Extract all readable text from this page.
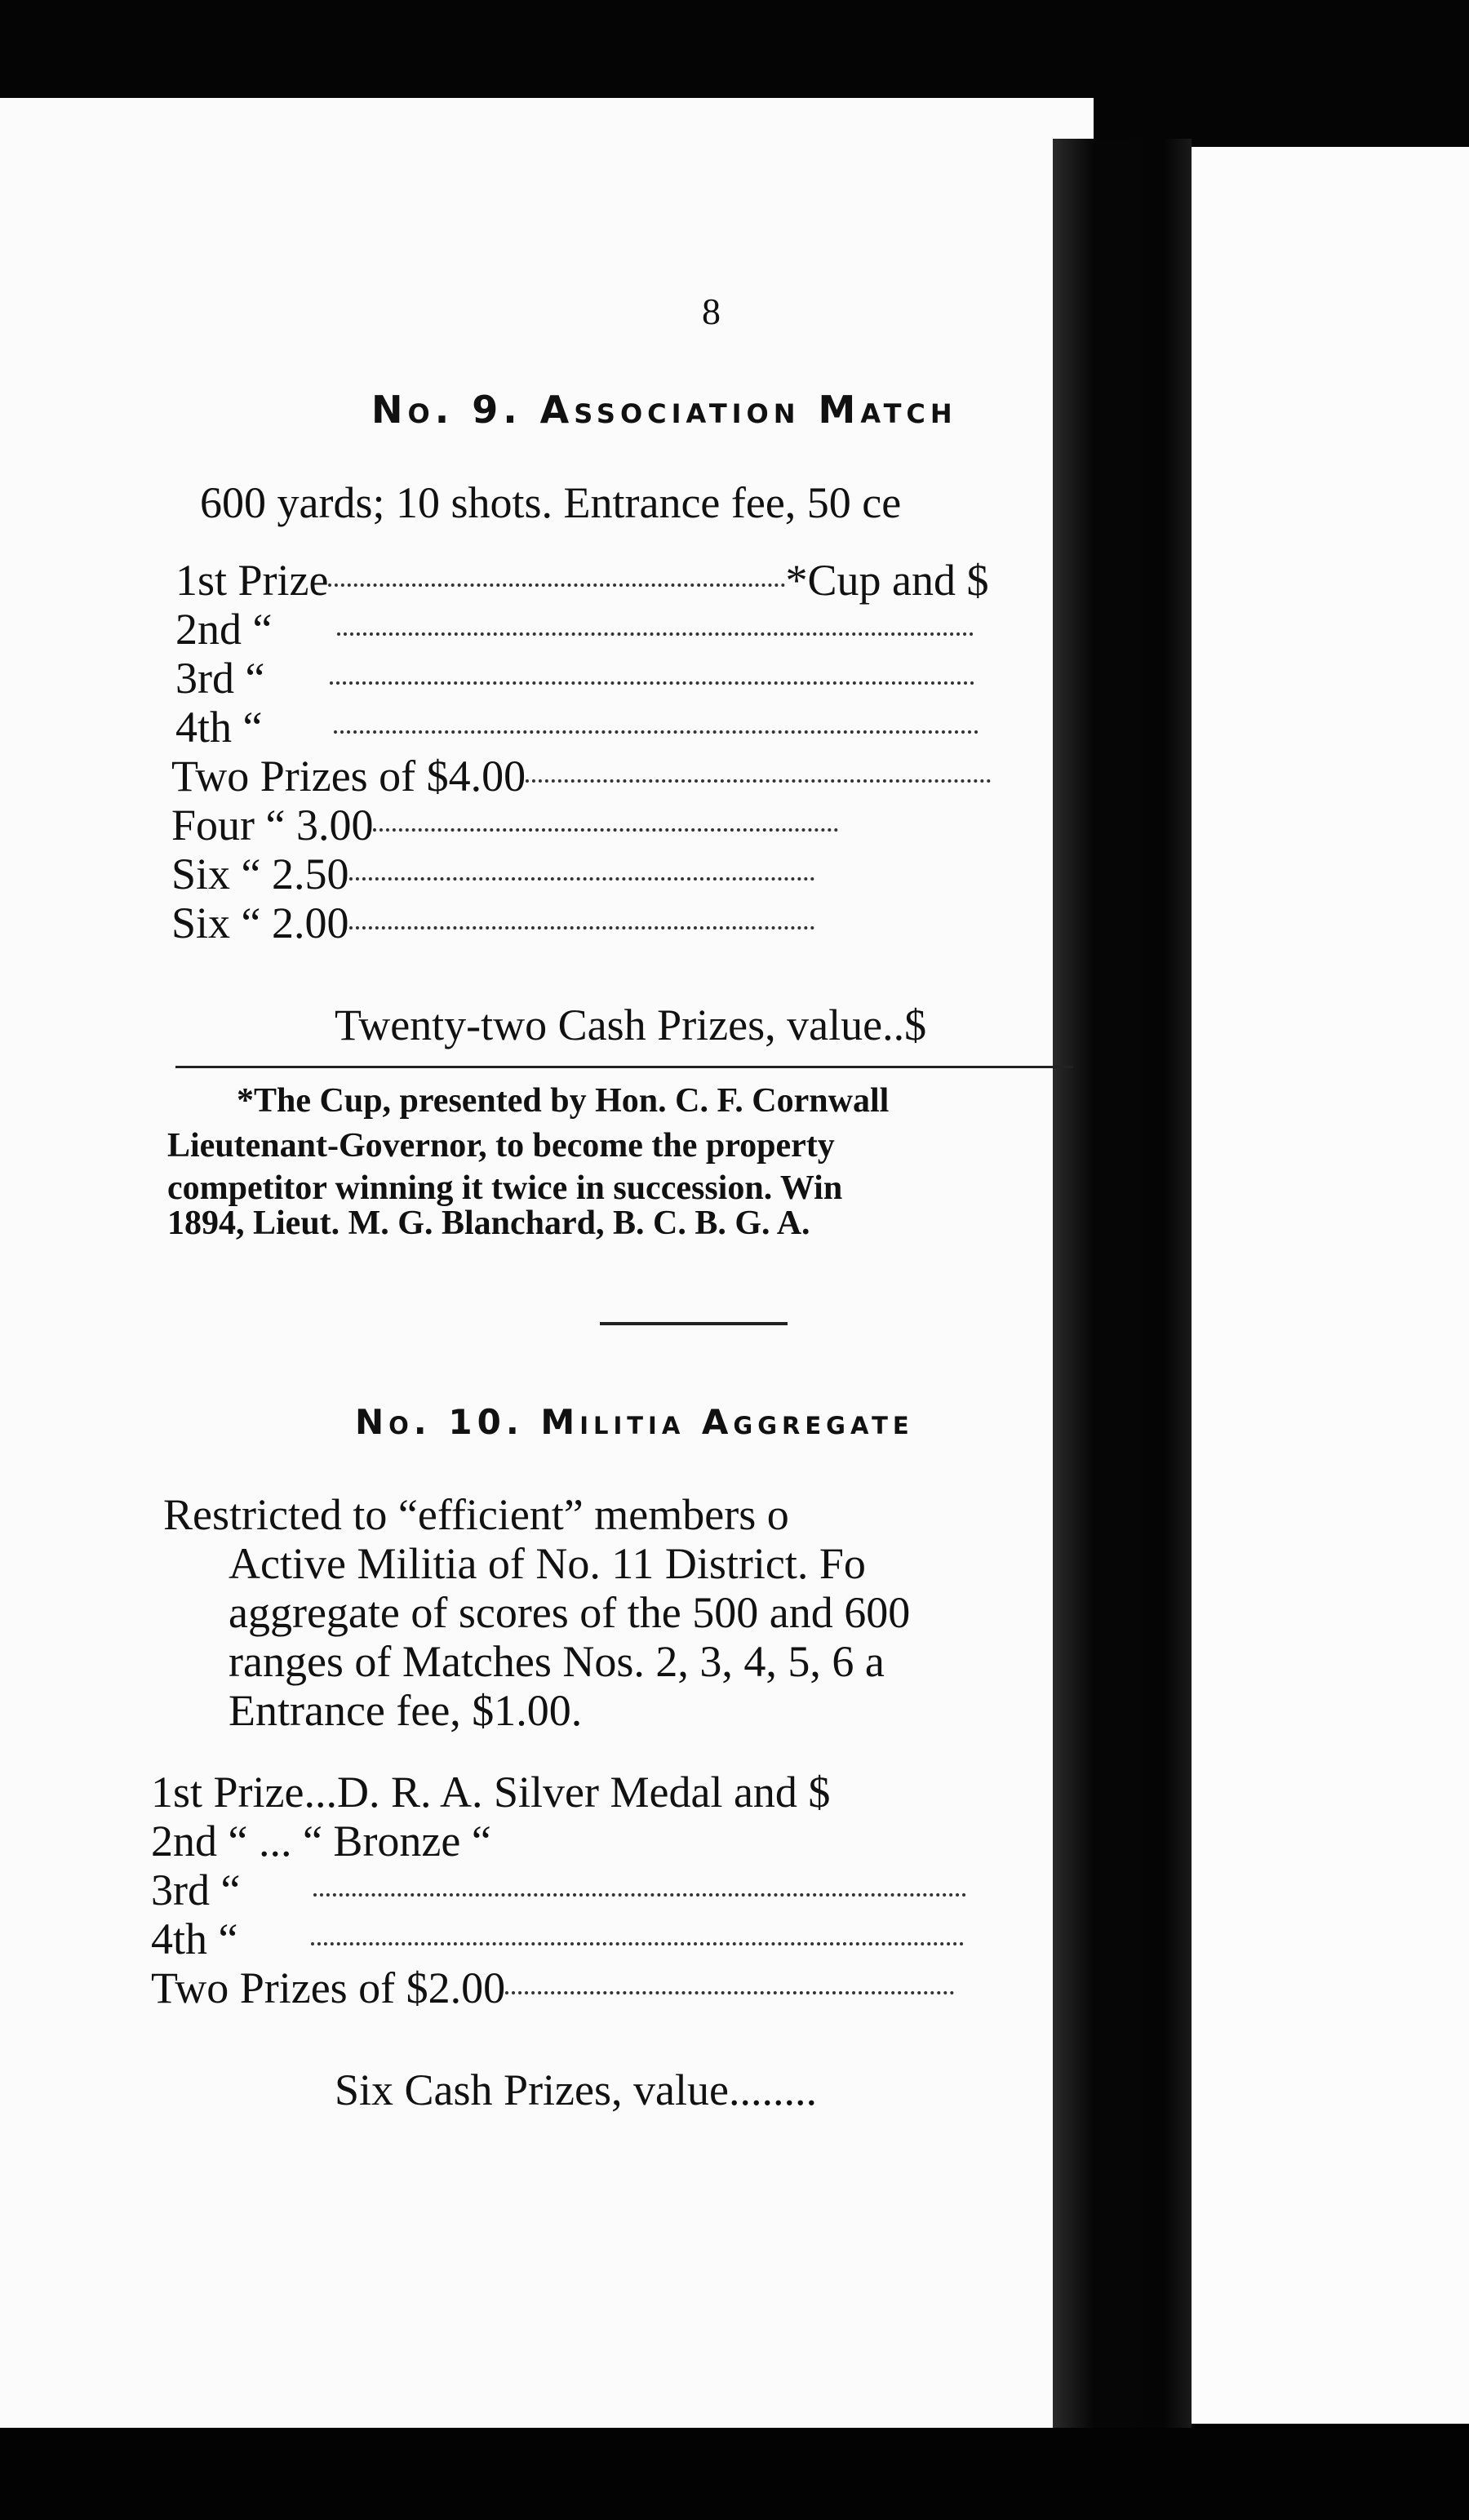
8
No. 9. Association Match
600 yards; 10 shots. Entrance fee, 50 ce
1st Prize	*Cup and $
2nd “
3rd “
4th “
Two Prizes of $4.00
Four “ 3.00
Six “ 2.50
Six “ 2.00
Twenty-two Cash Prizes, value..$
*The Cup, presented by Hon. C. F. Cornwall
Lieutenant-Governor, to become the property
competitor winning it twice in succession. Win
1894, Lieut. M. G. Blanchard, B. C. B. G. A.
No. 10. Militia Aggregate
Restricted to “efficient” members o
Active Militia of No. 11 District. Fo
aggregate of scores of the 500 and 600
ranges of Matches Nos. 2, 3, 4, 5, 6 a
Entrance fee, $1.00.
1st Prize...D. R. A. Silver Medal and $
2nd “ ... “ Bronze “
3rd “
4th “
Two Prizes of $2.00
Six Cash Prizes, value........
